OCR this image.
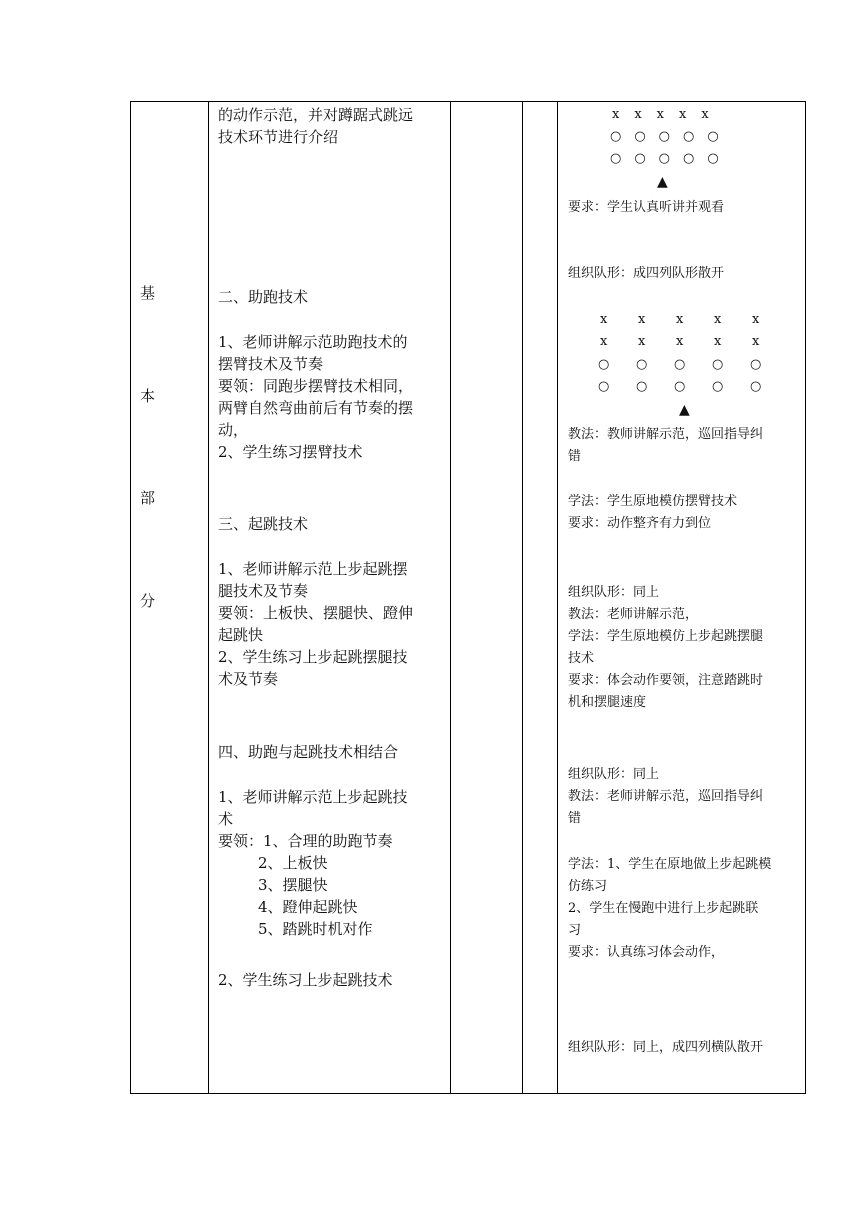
基
本
部
分
的动作示范，并对蹲踞式跳远
技术环节进行介绍
二、助跑技术
1、老师讲解示范助跑技术的
摆臂技术及节奏
要领：同跑步摆臂技术相同，
两臂自然弯曲前后有节奏的摆
动，
2、学生练习摆臂技术
三、起跳技术
1、老师讲解示范上步起跳摆
腿技术及节奏
要领：上板快、摆腿快、蹬伸
起跳快
2、学生练习上步起跳摆腿技
术及节奏
四、助跑与起跳技术相结合
1、老师讲解示范上步起跳技
术
要领：1、合理的助跑节奏
2、上板快
3、摆腿快
4、蹬伸起跳快
5、踏跳时机对作
2、学生练习上步起跳技术
x　x　x　x　x
○　○　○　○　○
○　○　○　○　○
▲
要求：学生认真听讲并观看
组织队形：成四列队形散开
x x x x x
x x x x x
○ ○ ○ ○ ○
○ ○ ○ ○ ○
▲
教法：教师讲解示范，巡回指导纠
错
学法：学生原地模仿摆臂技术
要求：动作整齐有力到位
组织队形：同上
教法：老师讲解示范，
学法：学生原地模仿上步起跳摆腿
技术
要求：体会动作要领，注意踏跳时
机和摆腿速度
组织队形：同上
教法：老师讲解示范，巡回指导纠
错
学法：1、学生在原地做上步起跳模
仿练习
2、学生在慢跑中进行上步起跳联
习
要求：认真练习体会动作，
组织队形：同上，成四列横队散开
